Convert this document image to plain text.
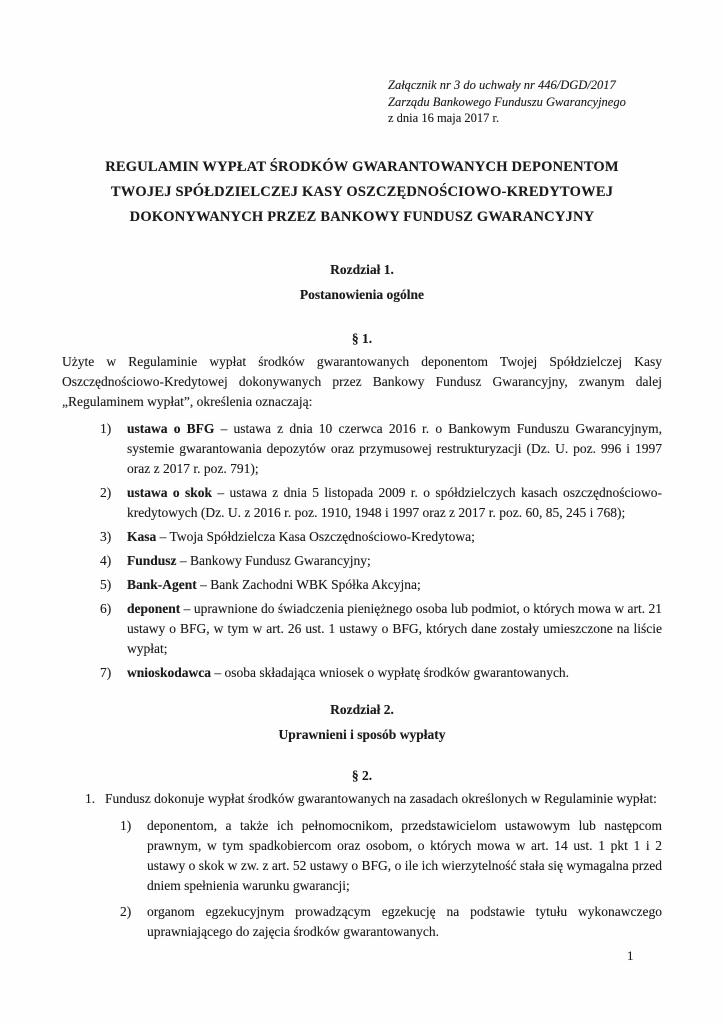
Załącznik nr 3 do uchwały nr 446/DGD/2017
Zarządu Bankowego Funduszu Gwarancyjnego
z dnia 16 maja 2017 r.
REGULAMIN WYPŁAT ŚRODKÓW GWARANTOWANYCH DEPONENTOM
TWOJEJ SPÓŁDZIELCZEJ KASY OSZCZĘDNOŚCIOWO-KREDYTOWEJ
DOKONYWANYCH PRZEZ BANKOWY FUNDUSZ GWARANCYJNY
Rozdział 1.
Postanowienia ogólne
§ 1.

Użyte w Regulaminie wypłat środków gwarantowanych deponentom Twojej Spółdzielczej Kasy Oszczędnościowo-Kredytowej dokonywanych przez Bankowy Fundusz Gwarancyjny, zwanym dalej „Regulaminem wypłat”, określenia oznaczają:

1) ustawa o BFG – ustawa z dnia 10 czerwca 2016 r. o Bankowym Funduszu Gwarancyjnym, systemie gwarantowania depozytów oraz przymusowej restrukturyzacji (Dz. U. poz. 996 i 1997 oraz z 2017 r. poz. 791);
2) ustawa o skok – ustawa z dnia 5 listopada 2009 r. o spółdzielczych kasach oszczędnościowo-kredytowych (Dz. U. z 2016 r. poz. 1910, 1948 i 1997 oraz z 2017 r. poz. 60, 85, 245 i 768);
3) Kasa – Twoja Spółdzielcza Kasa Oszczędnościowo-Kredytowa;
4) Fundusz – Bankowy Fundusz Gwarancyjny;
5) Bank-Agent – Bank Zachodni WBK Spółka Akcyjna;
6) deponent – uprawnione do świadczenia pieniężnego osoba lub podmiot, o których mowa w art. 21 ustawy o BFG, w tym w art. 26 ust. 1 ustawy o BFG, których dane zostały umieszczone na liście wypłat;
7) wnioskodawca – osoba składająca wniosek o wypłatę środków gwarantowanych.
Rozdział 2.
Uprawnieni i sposób wypłaty
§ 2.
1. Fundusz dokonuje wypłat środków gwarantowanych na zasadach określonych w Regulaminie wypłat:
1) deponentom, a także ich pełnomocnikom, przedstawicielom ustawowym lub następcom prawnym, w tym spadkobiercom oraz osobom, o których mowa w art. 14 ust. 1 pkt 1 i 2 ustawy o skok w zw. z art. 52 ustawy o BFG, o ile ich wierzytelność stała się wymagalna przed dniem spełnienia warunku gwarancji;
2) organom egzekucyjnym prowadzącym egzekucję na podstawie tytułu wykonawczego uprawniającego do zajęcia środków gwarantowanych.
1
